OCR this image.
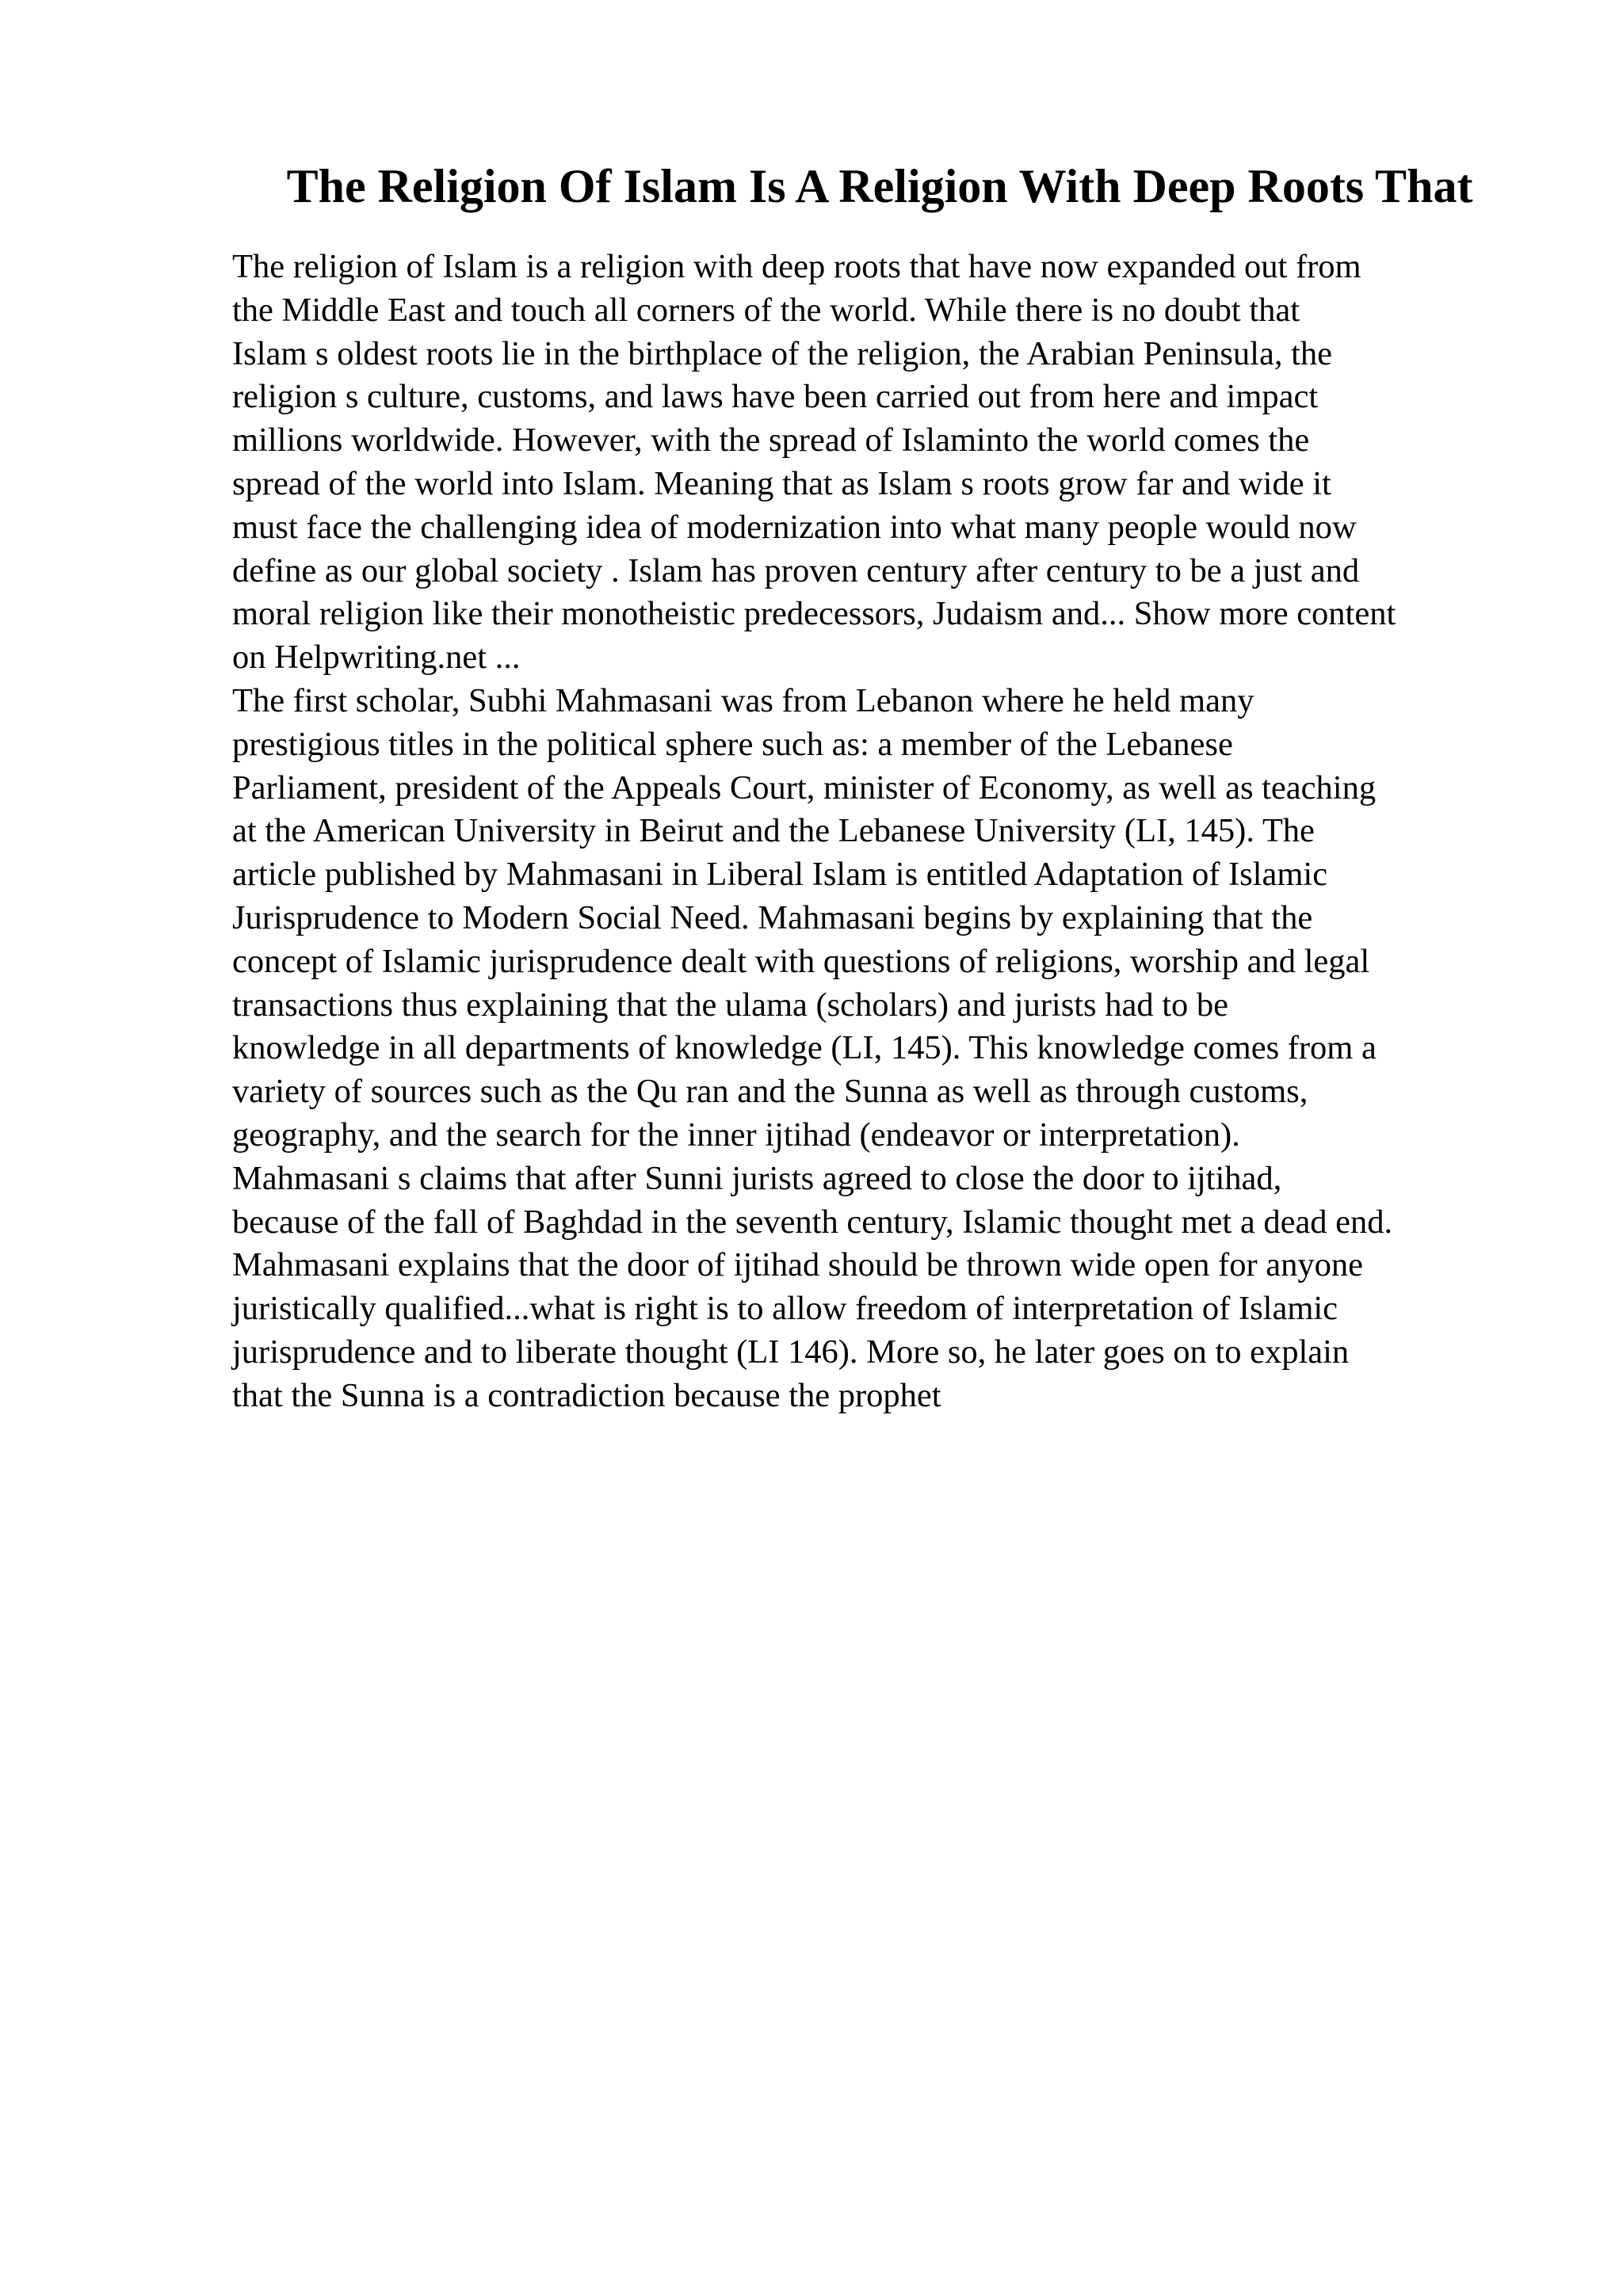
The Religion Of Islam Is A Religion With Deep Roots That

The religion of Islam is a religion with deep roots that have now expanded out from
the Middle East and touch all corners of the world. While there is no doubt that
Islam s oldest roots lie in the birthplace of the religion, the Arabian Peninsula, the
religion s culture, customs, and laws have been carried out from here and impact
millions worldwide. However, with the spread of Islaminto the world comes the
spread of the world into Islam. Meaning that as Islam s roots grow far and wide it
must face the challenging idea of modernization into what many people would now
define as our global society . Islam has proven century after century to be a just and
moral religion like their monotheistic predecessors, Judaism and... Show more content
on Helpwriting.net ...

The first scholar, Subhi Mahmasani was from Lebanon where he held many
prestigious titles in the political sphere such as: a member of the Lebanese
Parliament, president of the Appeals Court, minister of Economy, as well as teaching
at the American University in Beirut and the Lebanese University (LI, 145). The
article published by Mahmasani in Liberal Islam is entitled Adaptation of Islamic
Jurisprudence to Modern Social Need. Mahmasani begins by explaining that the
concept of Islamic jurisprudence dealt with questions of religions, worship and legal
transactions thus explaining that the ulama (scholars) and jurists had to be
knowledge in all departments of knowledge (LI, 145). This knowledge comes from a
variety of sources such as the Qu ran and the Sunna as well as through customs,
geography, and the search for the inner ijtihad (endeavor or interpretation).
Mahmasani s claims that after Sunni jurists agreed to close the door to ijtihad,
because of the fall of Baghdad in the seventh century, Islamic thought met a dead end.
Mahmasani explains that the door of ijtihad should be thrown wide open for anyone
juristically qualified...what is right is to allow freedom of interpretation of Islamic
jurisprudence and to liberate thought (LI 146). More so, he later goes on to explain
that the Sunna is a contradiction because the prophet
